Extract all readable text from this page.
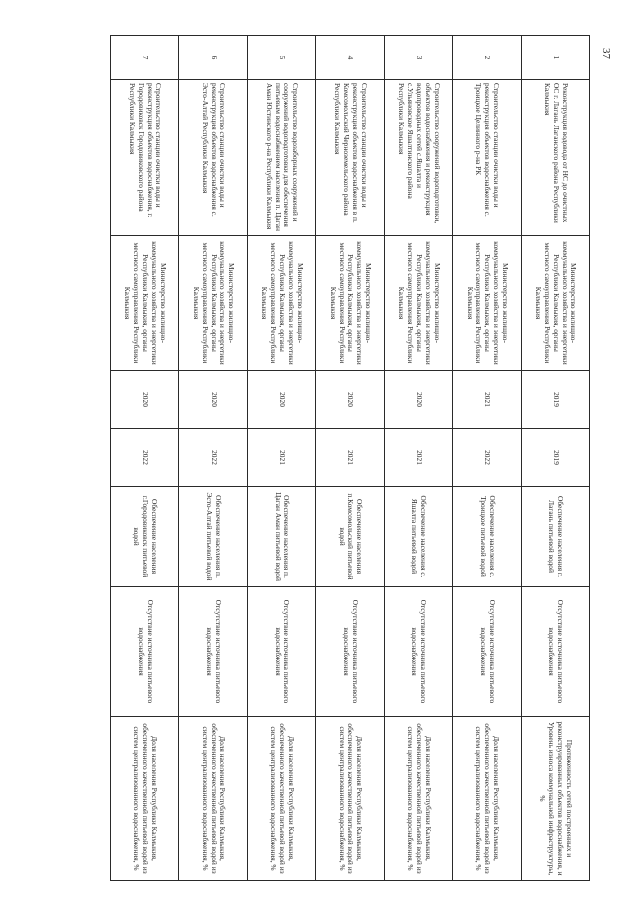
37
1	Реконструкция водовода от НС до очистных ОС г. Лагань Лаганского района Республики Калмыкия	Министерство жилищно-коммунального хозяйства и энергетики Республики Калмыкия, органы местного самоуправления Республики Калмыкия	2019	2019	Обеспечение населения г. Лагань питьевой водой	Отсутствие источника питьевого водоснабжения	Протяженность сетей построенных и реконструированных объектов водоснабжения, и Уровень износа коммунальной инфраструктуры, %
2	Строительство станции очистки воды и реконструкция объектов водоснабжения с. Троицкое Целинного р-на РК	Министерство жилищно-коммунального хозяйства и энергетики Республики Калмыкия, органы местного самоуправления Республики Калмыкия	2021	2022	Обеспечение населения с. Троицкое питьевой водой	Отсутствие источника питьевого водоснабжения	Доля населения Республики Калмыкия, обеспеченного качественной питьевой водой из систем централизованного водоснабжения, %
3	Строительство сооружений водоподготовки, объектов водоснабжения и реконструкция водопроводных сетей с.Яшалта и с.Ульяновское Яшалтинского района Республики Калмыкия	Министерство жилищно-коммунального хозяйства и энергетики Республики Калмыкия, органы местного самоуправления Республики Калмыкия	2020	2021	Обеспечение населения с. Яшалта питьевой водой	Отсутствие источника питьевого водоснабжения	Доля населения Республики Калмыкия, обеспеченного качественной питьевой водой из систем централизованного водоснабжения, %
4	Строительство станции очистки воды и реконструкция объектов водоснабжения в п. Комсомольский Черноземельского района Республики Калмыкия	Министерство жилищно-коммунального хозяйства и энергетики Республики Калмыкия, органы местного самоуправления Республики Калмыкия	2020	2021	Обеспечение населения п.Комсомольский питьевой водой	Отсутствие источника питьевого водоснабжения	Доля населения Республики Калмыкия, обеспеченного качественной питьевой водой из систем централизованного водоснабжения, %
5	Строительство водозаборных сооружений и сооружений водоподготовки для обеспечения питьевым водоснабжением населения п. Цаган Аман Юстинского р-на Республики Калмыкия	Министерство жилищно-коммунального хозяйства и энергетики Республики Калмыкия, органы местного самоуправления Республики Калмыкия	2020	2021	Обеспечение населения п. Цаган Аман питьевой водой	Отсутствие источника питьевого водоснабжения	Доля населения Республики Калмыкия, обеспеченного качественной питьевой водой из систем централизованного водоснабжения, %
6	Строительство станции очистки воды и реконструкция объектов водоснабжения с. Эсто-Алтай Республики Калмыкия	Министерство жилищно-коммунального хозяйства и энергетики Республики Калмыкия, органы местного самоуправления Республики Калмыкия	2020	2022	Обеспечение населения п. Эсто-Алтай питьевой водой	Отсутствие источника питьевого водоснабжения	Доля населения Республики Калмыкия, обеспеченного качественной питьевой водой из систем централизованного водоснабжения, %
7	Строительство станции очистки воды и реконструкция объектов водоснабжения, г. Городовиковск Городовиковского района Республики Калмыкия	Министерство жилищно-коммунального хозяйства и энергетики Республики Калмыкия, органы местного самоуправления Республики Калмыкия	2020	2022	Обеспечение населения г.Городовиковск питьевой водой	Отсутствие источника питьевого водоснабжения	Доля населения Республики Калмыкия, обеспеченного качественной питьевой водой из систем централизованного водоснабжения, %
